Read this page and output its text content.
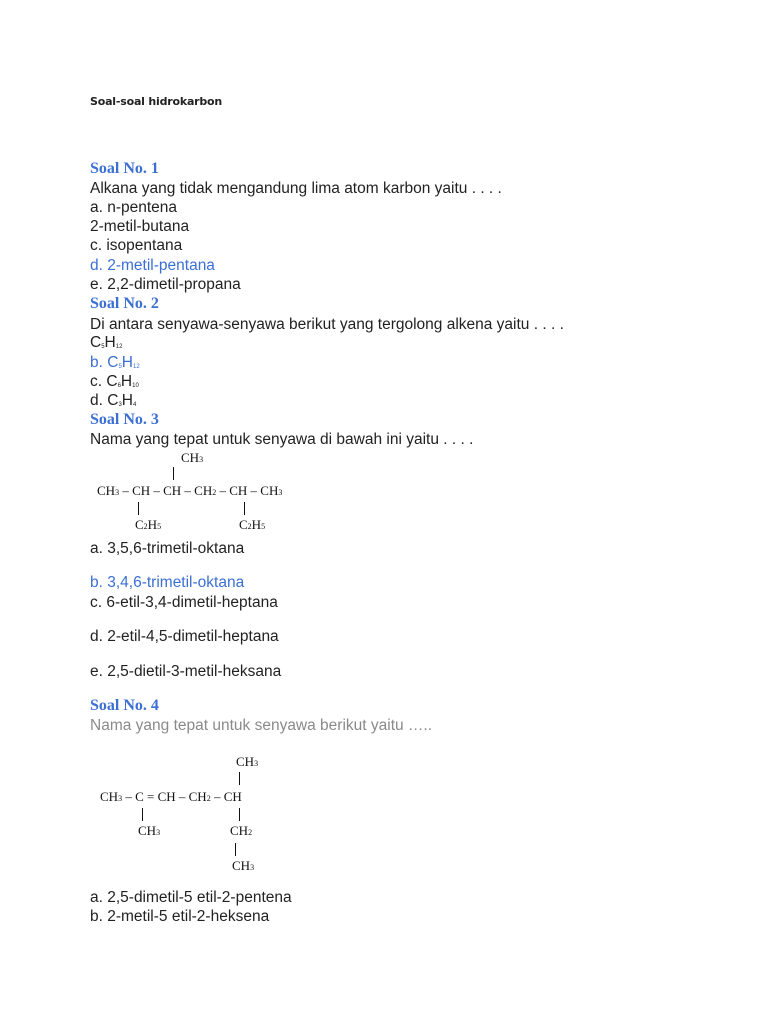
Soal-soal hidrokarbon
Soal No. 1
Alkana yang tidak mengandung lima atom karbon yaitu . . . .
a. n-pentena
2-metil-butana
c. isopentana
d. 2-metil-pentana
e. 2,2-dimetil-propana
Soal No. 2
Di antara senyawa-senyawa berikut yang tergolong alkena yaitu . . . .
C5H12
b. C5H12
c. C6H10
d. C3H4
Soal No. 3
Nama yang tepat untuk senyawa di bawah ini yaitu . . . .
CH3
CH3 – CH – CH – CH2 – CH – CH3
C2H5	C2H5
a. 3,5,6-trimetil-oktana
b. 3,4,6-trimetil-oktana
c. 6-etil-3,4-dimetil-heptana
d. 2-etil-4,5-dimetil-heptana
e. 2,5-dietil-3-metil-heksana
Soal No. 4
Nama yang tepat untuk senyawa berikut yaitu …..
CH3
CH3 – C = CH – CH2 – CH
CH3	CH2
CH3
a. 2,5-dimetil-5 etil-2-pentena
b. 2-metil-5 etil-2-heksena
